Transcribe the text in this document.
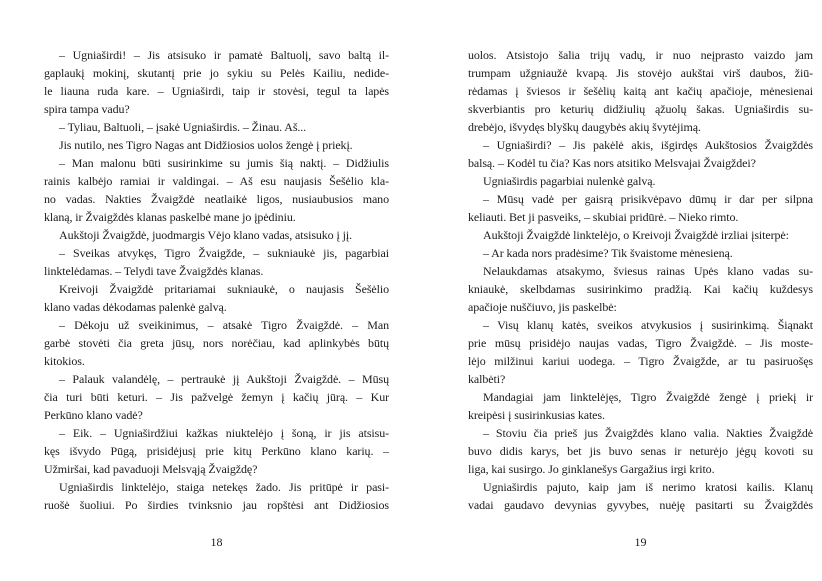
– Ugniaširdi! – Jis atsisuko ir pamatė Baltuolį, savo baltą il-
gaplaukį mokinį, skutantį prie jo sykiu su Pelės Kailiu, nedide-
le liauna ruda kare. – Ugniaširdi, taip ir stovėsi, tegul ta lapės
spira tampa vadu?
– Tyliau, Baltuoli, – įsakė Ugniaširdis. – Žinau. Aš...
Jis nutilo, nes Tigro Nagas ant Didžiosios uolos žengė į priekį.
– Man malonu būti susirinkime su jumis šią naktį. – Didžiulis
rainis kalbėjo ramiai ir valdingai. – Aš esu naujasis Šešėlio kla-
no vadas. Nakties Žvaigždė neatlaikė ligos, nusiaubusios mano
klaną, ir Žvaigždės klanas paskelbė mane jo įpėdiniu.
Aukštoji Žvaigždė, juodmargis Vėjo klano vadas, atsisuko į jį.
– Sveikas atvykęs, Tigro Žvaigžde, – sukniaukė jis, pagarbiai
linktelėdamas. – Telydi tave Žvaigždės klanas.
Kreivoji Žvaigždė pritariamai sukniaukė, o naujasis Šešėlio
klano vadas dėkodamas palenkė galvą.
– Dėkoju už sveikinimus, – atsakė Tigro Žvaigždė. – Man
garbė stovėti čia greta jūsų, nors norėčiau, kad aplinkybės būtų
kitokios.
– Palauk valandėlę, – pertraukė jį Aukštoji Žvaigždė. – Mūsų
čia turi būti keturi. – Jis pažvelgė žemyn į kačių jūrą. – Kur
Perkūno klano vadė?
– Eik. – Ugniaširdžiui kažkas niuktelėjo į šoną, ir jis atsisu-
kęs išvydo Pūgą, prisidėjusį prie kitų Perkūno klano karių. –
Užmiršai, kad pavaduoji Melsvąją Žvaigždę?
Ugniaširdis linktelėjo, staiga netekęs žado. Jis pritūpė ir pasi-
ruošė šuoliui. Po širdies tvinksnio jau ropštėsi ant Didžiosios
18
uolos. Atsistojo šalia trijų vadų, ir nuo neįprasto vaizdo jam
trumpam užgniaužė kvapą. Jis stovėjo aukštai virš daubos, žiū-
rėdamas į šviesos ir šešėlių kaitą ant kačių apačioje, mėnesienai
skverbiantis pro keturių didžiulių ąžuolų šakas. Ugniaširdis su-
drebėjo, išvydęs blyškų daugybės akių švytėjimą.
– Ugniaširdi? – Jis pakėlė akis, išgirdęs Aukštosios Žvaigždės
balsą. – Kodėl tu čia? Kas nors atsitiko Melsvajai Žvaigždei?
Ugniaširdis pagarbiai nulenkė galvą.
– Mūsų vadė per gaisrą prisikvėpavo dūmų ir dar per silpna
keliauti. Bet ji pasveiks, – skubiai pridūrė. – Nieko rimto.
Aukštoji Žvaigždė linktelėjo, o Kreivoji Žvaigždė irzliai įsiterpė:
– Ar kada nors pradėsime? Tik švaistome mėnesieną.
Nelaukdamas atsakymo, šviesus rainas Upės klano vadas su-
kniaukė, skelbdamas susirinkimo pradžią. Kai kačių kuždesys
apačioje nuščiuvo, jis paskelbė:
– Visų klanų katės, sveikos atvykusios į susirinkimą. Šiąnakt
prie mūsų prisidėjo naujas vadas, Tigro Žvaigždė. – Jis moste-
lėjo milžinui kariui uodega. – Tigro Žvaigžde, ar tu pasiruošęs
kalbėti?
Mandagiai jam linktelėjęs, Tigro Žvaigždė žengė į priekį ir
kreipėsi į susirinkusias kates.
– Stoviu čia prieš jus Žvaigždės klano valia. Nakties Žvaigždė
buvo didis karys, bet jis buvo senas ir neturėjo jėgų kovoti su
liga, kai susirgo. Jo ginklanešys Gargažius irgi krito.
Ugniaširdis pajuto, kaip jam iš nerimo kratosi kailis. Klanų
vadai gaudavo devynias gyvybes, nuėję pasitarti su Žvaigždės
19
